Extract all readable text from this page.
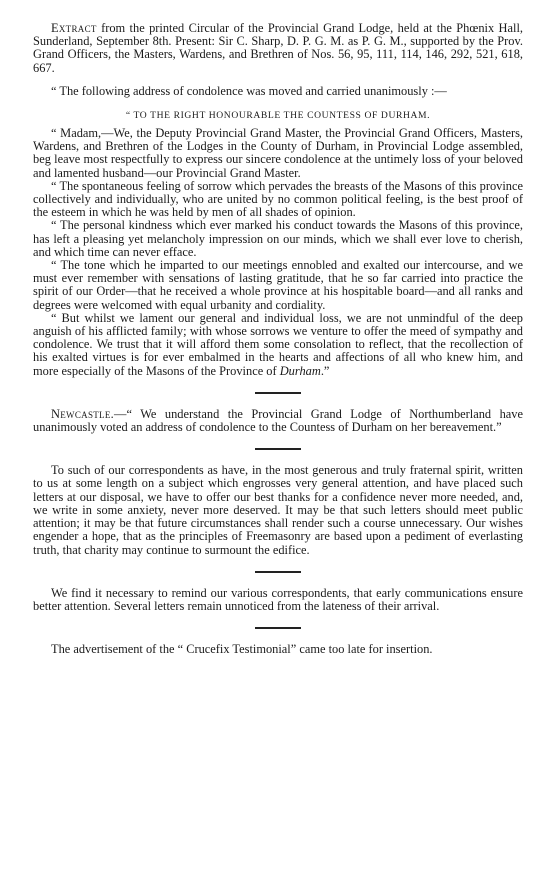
Extract from the printed Circular of the Provincial Grand Lodge, held at the Phœnix Hall, Sunderland, September 8th. Present: Sir C. Sharp, D. P. G. M. as P. G. M., supported by the Prov. Grand Officers, the Masters, Wardens, and Brethren of Nos. 56, 95, 111, 114, 146, 292, 521, 618, 667.

“ The following address of condolence was moved and carried unanimously :—

“ TO THE RIGHT HONOURABLE THE COUNTESS OF DURHAM.

“ Madam,—We, the Deputy Provincial Grand Master, the Provincial Grand Officers, Masters, Wardens, and Brethren of the Lodges in the County of Durham, in Provincial Lodge assembled, beg leave most respectfully to express our sincere condolence at the untimely loss of your beloved and lamented husband—our Provincial Grand Master.

“ The spontaneous feeling of sorrow which pervades the breasts of the Masons of this province collectively and individually, who are united by no common political feeling, is the best proof of the esteem in which he was held by men of all shades of opinion.

“ The personal kindness which ever marked his conduct towards the Masons of this province, has left a pleasing yet melancholy impression on our minds, which we shall ever love to cherish, and which time can never efface.

“ The tone which he imparted to our meetings ennobled and exalted our intercourse, and we must ever remember with sensations of lasting gratitude, that he so far carried into practice the spirit of our Order—that he received a whole province at his hospitable board—and all ranks and degrees were welcomed with equal urbanity and cordiality.

“ But whilst we lament our general and individual loss, we are not unmindful of the deep anguish of his afflicted family; with whose sorrows we venture to offer the meed of sympathy and condolence. We trust that it will afford them some consolation to reflect, that the recollection of his exalted virtues is for ever embalmed in the hearts and affections of all who knew him, and more especially of the Masons of the Province of Durham.”

Newcastle.—“ We understand the Provincial Grand Lodge of Northumberland have unanimously voted an address of condolence to the Countess of Durham on her bereavement.”

To such of our correspondents as have, in the most generous and truly fraternal spirit, written to us at some length on a subject which engrosses very general attention, and have placed such letters at our disposal, we have to offer our best thanks for a confidence never more needed, and, we write in some anxiety, never more deserved. It may be that such letters should meet public attention; it may be that future circumstances shall render such a course unnecessary. Our wishes engender a hope, that as the principles of Freemasonry are based upon a pediment of everlasting truth, that charity may continue to surmount the edifice.

We find it necessary to remind our various correspondents, that early communications ensure better attention. Several letters remain unnoticed from the lateness of their arrival.

The advertisement of the “ Crucefix Testimonial” came too late for insertion.
